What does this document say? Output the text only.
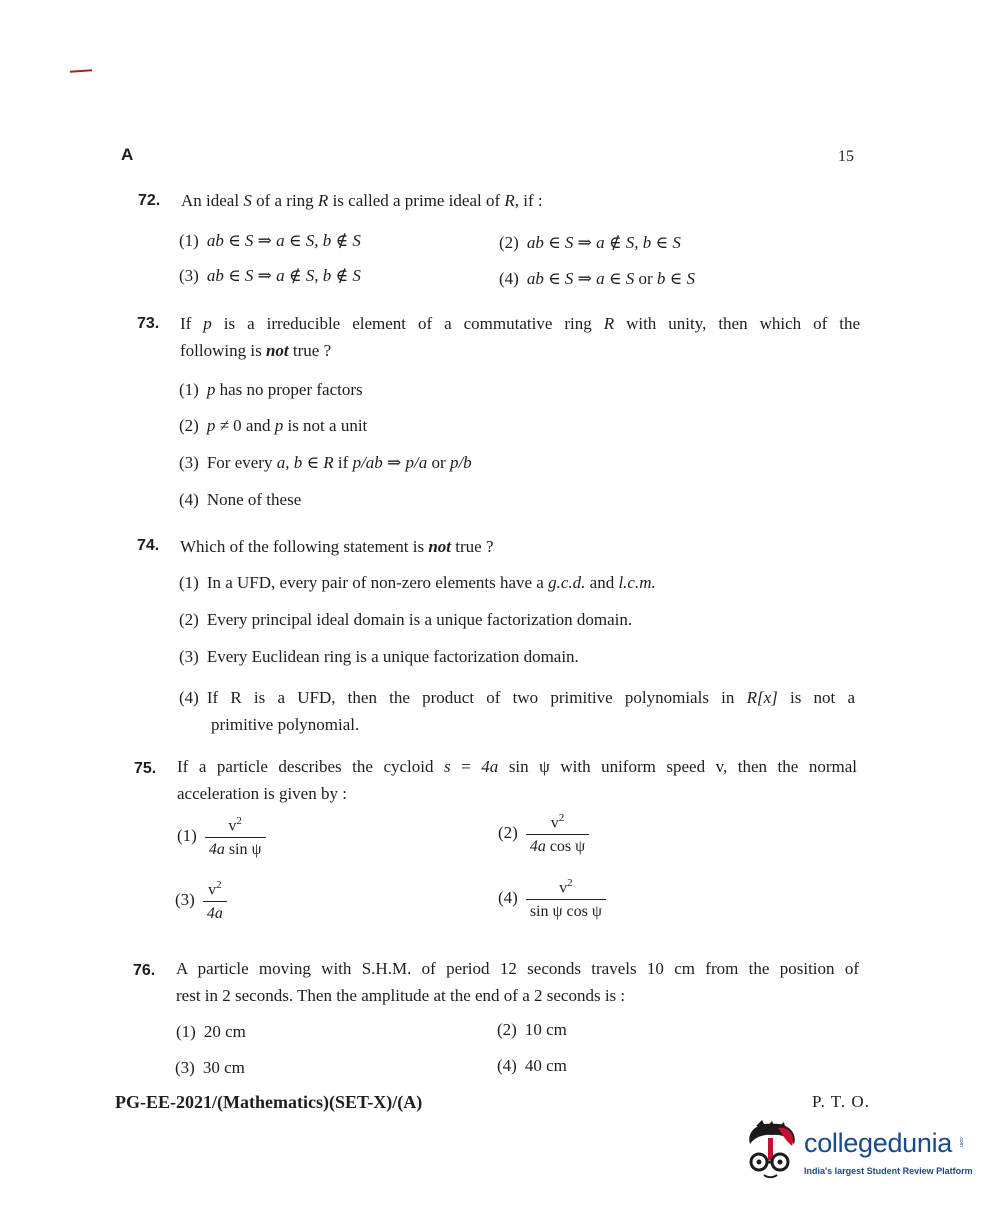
A	15
72. An ideal S of a ring R is called a prime ideal of R, if :
(1) ab ∈ S ⇒ a ∈ S, b ∉ S	(2) ab ∈ S ⇒ a ∉ S, b ∈ S
(3) ab ∈ S ⇒ a ∉ S, b ∉ S	(4) ab ∈ S ⇒ a ∈ S or b ∈ S
73. If p is a irreducible element of a commutative ring R with unity, then which of the
following is not true ?
(1) p has no proper factors
(2) p ≠ 0 and p is not a unit
(3) For every a, b ∈ R if p/ab ⇒ p/a or p/b
(4) None of these
74. Which of the following statement is not true ?
(1) In a UFD, every pair of non-zero elements have a g.c.d. and l.c.m.
(2) Every principal ideal domain is a unique factorization domain.
(3) Every Euclidean ring is a unique factorization domain.
(4) If R is a UFD, then the product of two primitive polynomials in R[x] is not a
primitive polynomial.
75. If a particle describes the cycloid s = 4a sin ψ with uniform speed v, then the normal
acceleration is given by :
$(1) \frac{v^2}{\text{4a sin ψ}}$	$(2) \frac{v^2}{\text{4a cos ψ}}$
$(3) \frac{v^2}{4a}$	$(4) \frac{v^2}{\text{sin ψ cos ψ}}$
76. A particle moving with S.H.M. of period 12 seconds travels 10 cm from the position of
rest in 2 seconds. Then the amplitude at the end of a 2 seconds is :
(1) 20 cm	(2) 10 cm
(3) 30 cm	(4) 40 cm
PG-EE-2021/(Mathematics)(SET-X)/(A)	P. T. O.
collegedunia .com
India's largest Student Review Platform
